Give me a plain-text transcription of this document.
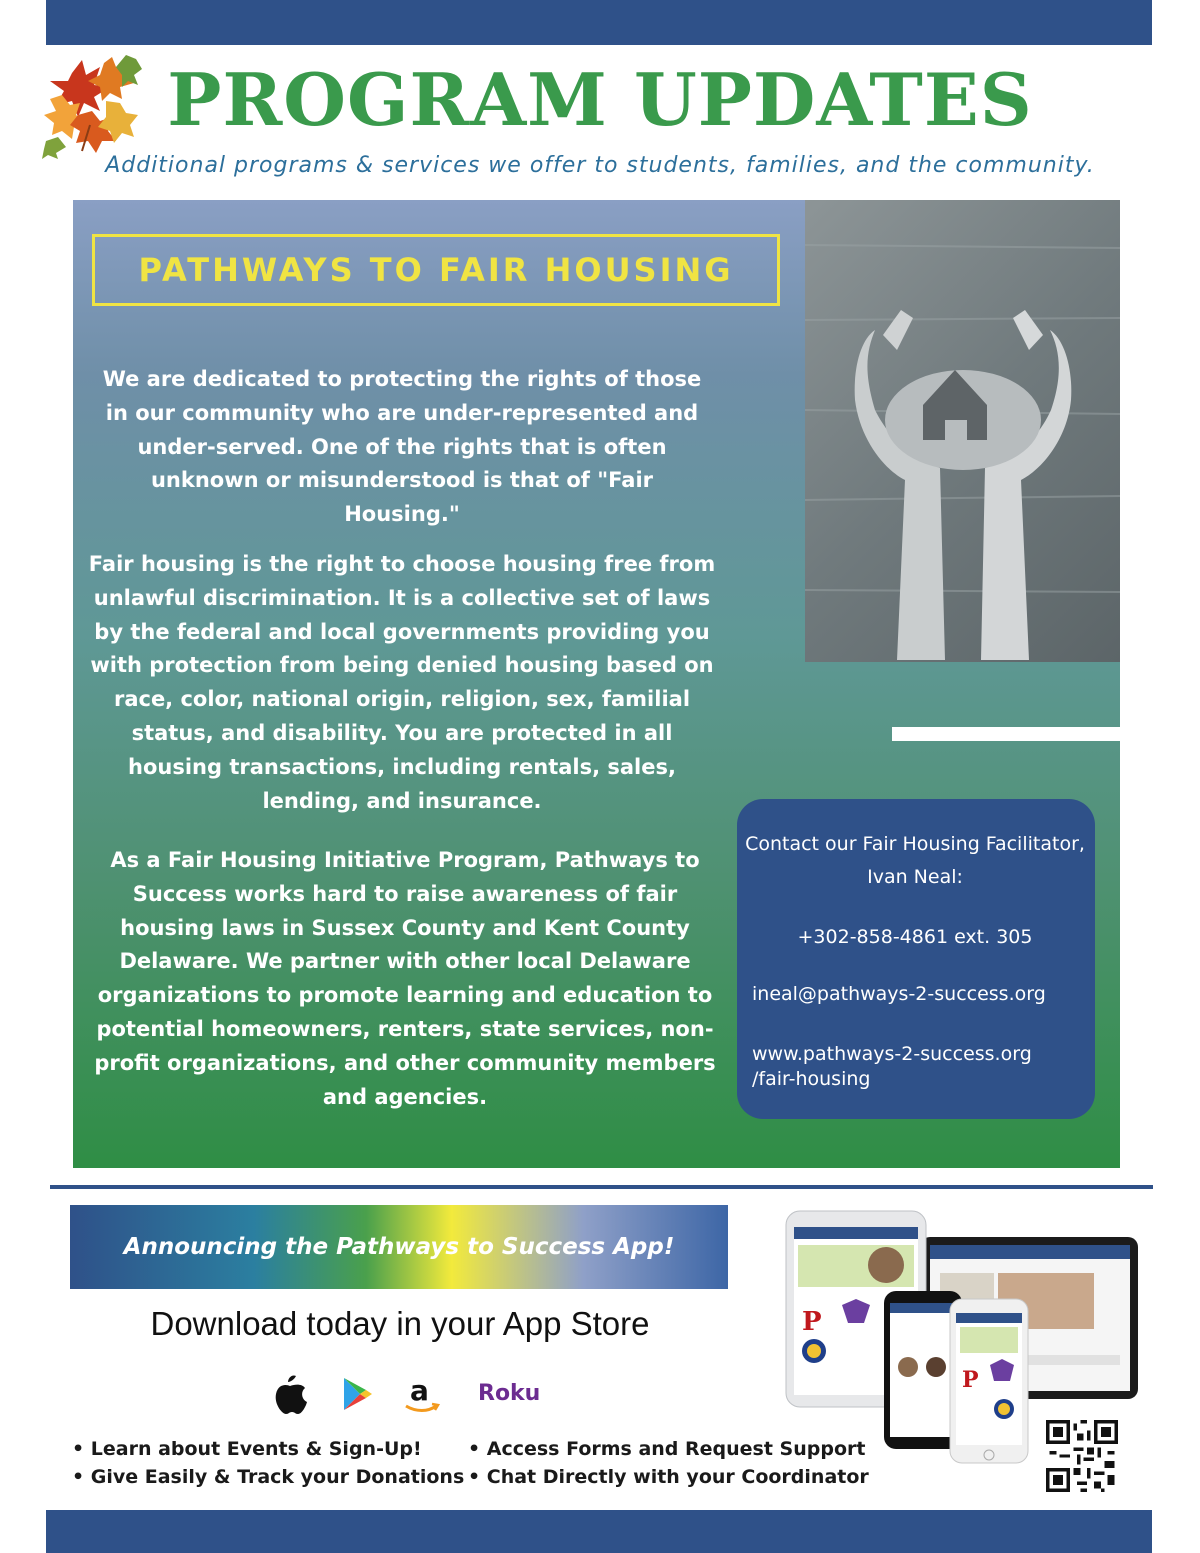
PROGRAM UPDATES
Additional programs & services we offer to students, families, and the community.
PATHWAYS TO FAIR HOUSING
We are dedicated to protecting the rights of those in our community who are under-represented and under-served. One of the rights that is often unknown or misunderstood is that of "Fair Housing."
Fair housing is the right to choose housing free from unlawful discrimination. It is a collective set of laws by the federal and local governments providing you with protection from being denied housing based on race, color, national origin, religion, sex, familial status, and disability. You are protected in all housing transactions, including rentals, sales, lending, and insurance.
As a Fair Housing Initiative Program, Pathways to Success works hard to raise awareness of fair housing laws in Sussex County and Kent County Delaware. We partner with other local Delaware organizations to promote learning and education to potential homeowners, renters, state services, non-profit organizations, and other community members and agencies.
Contact our Fair Housing Facilitator, Ivan Neal:
+302-858-4861 ext. 305
ineal@pathways-2-success.org
www.pathways-2-success.org
/fair-housing
Announcing the Pathways to Success App!
Download today in your App Store
a Roku
• Learn about Events & Sign-Up!
• Give Easily & Track your Donations
• Access Forms and Request Support
• Chat Directly with your Coordinator
P
P
